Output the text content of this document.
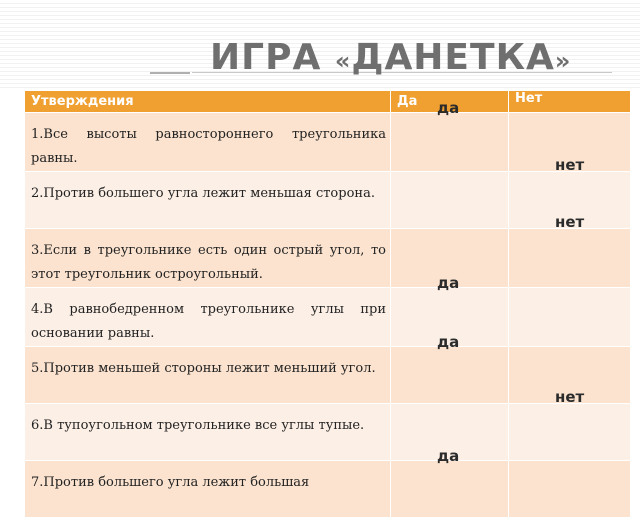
ИГРА «ДАНЕТКА»
Утверждения	Да	Нет

1.Все высоты равностороннего треугольника равны.	да	

2.Против большего угла лежит меньшая сторона.		нет

3.Если в треугольнике есть один острый угол, то этот треугольник остроугольный.		нет

4.В равнобедренном треугольнике углы при основании равны.	да	

5.Против меньшей стороны лежит меньший угол.	да	

6.В тупоугольном треугольнике все углы тупые.		нет

7.Против большего угла лежит большая	да	
